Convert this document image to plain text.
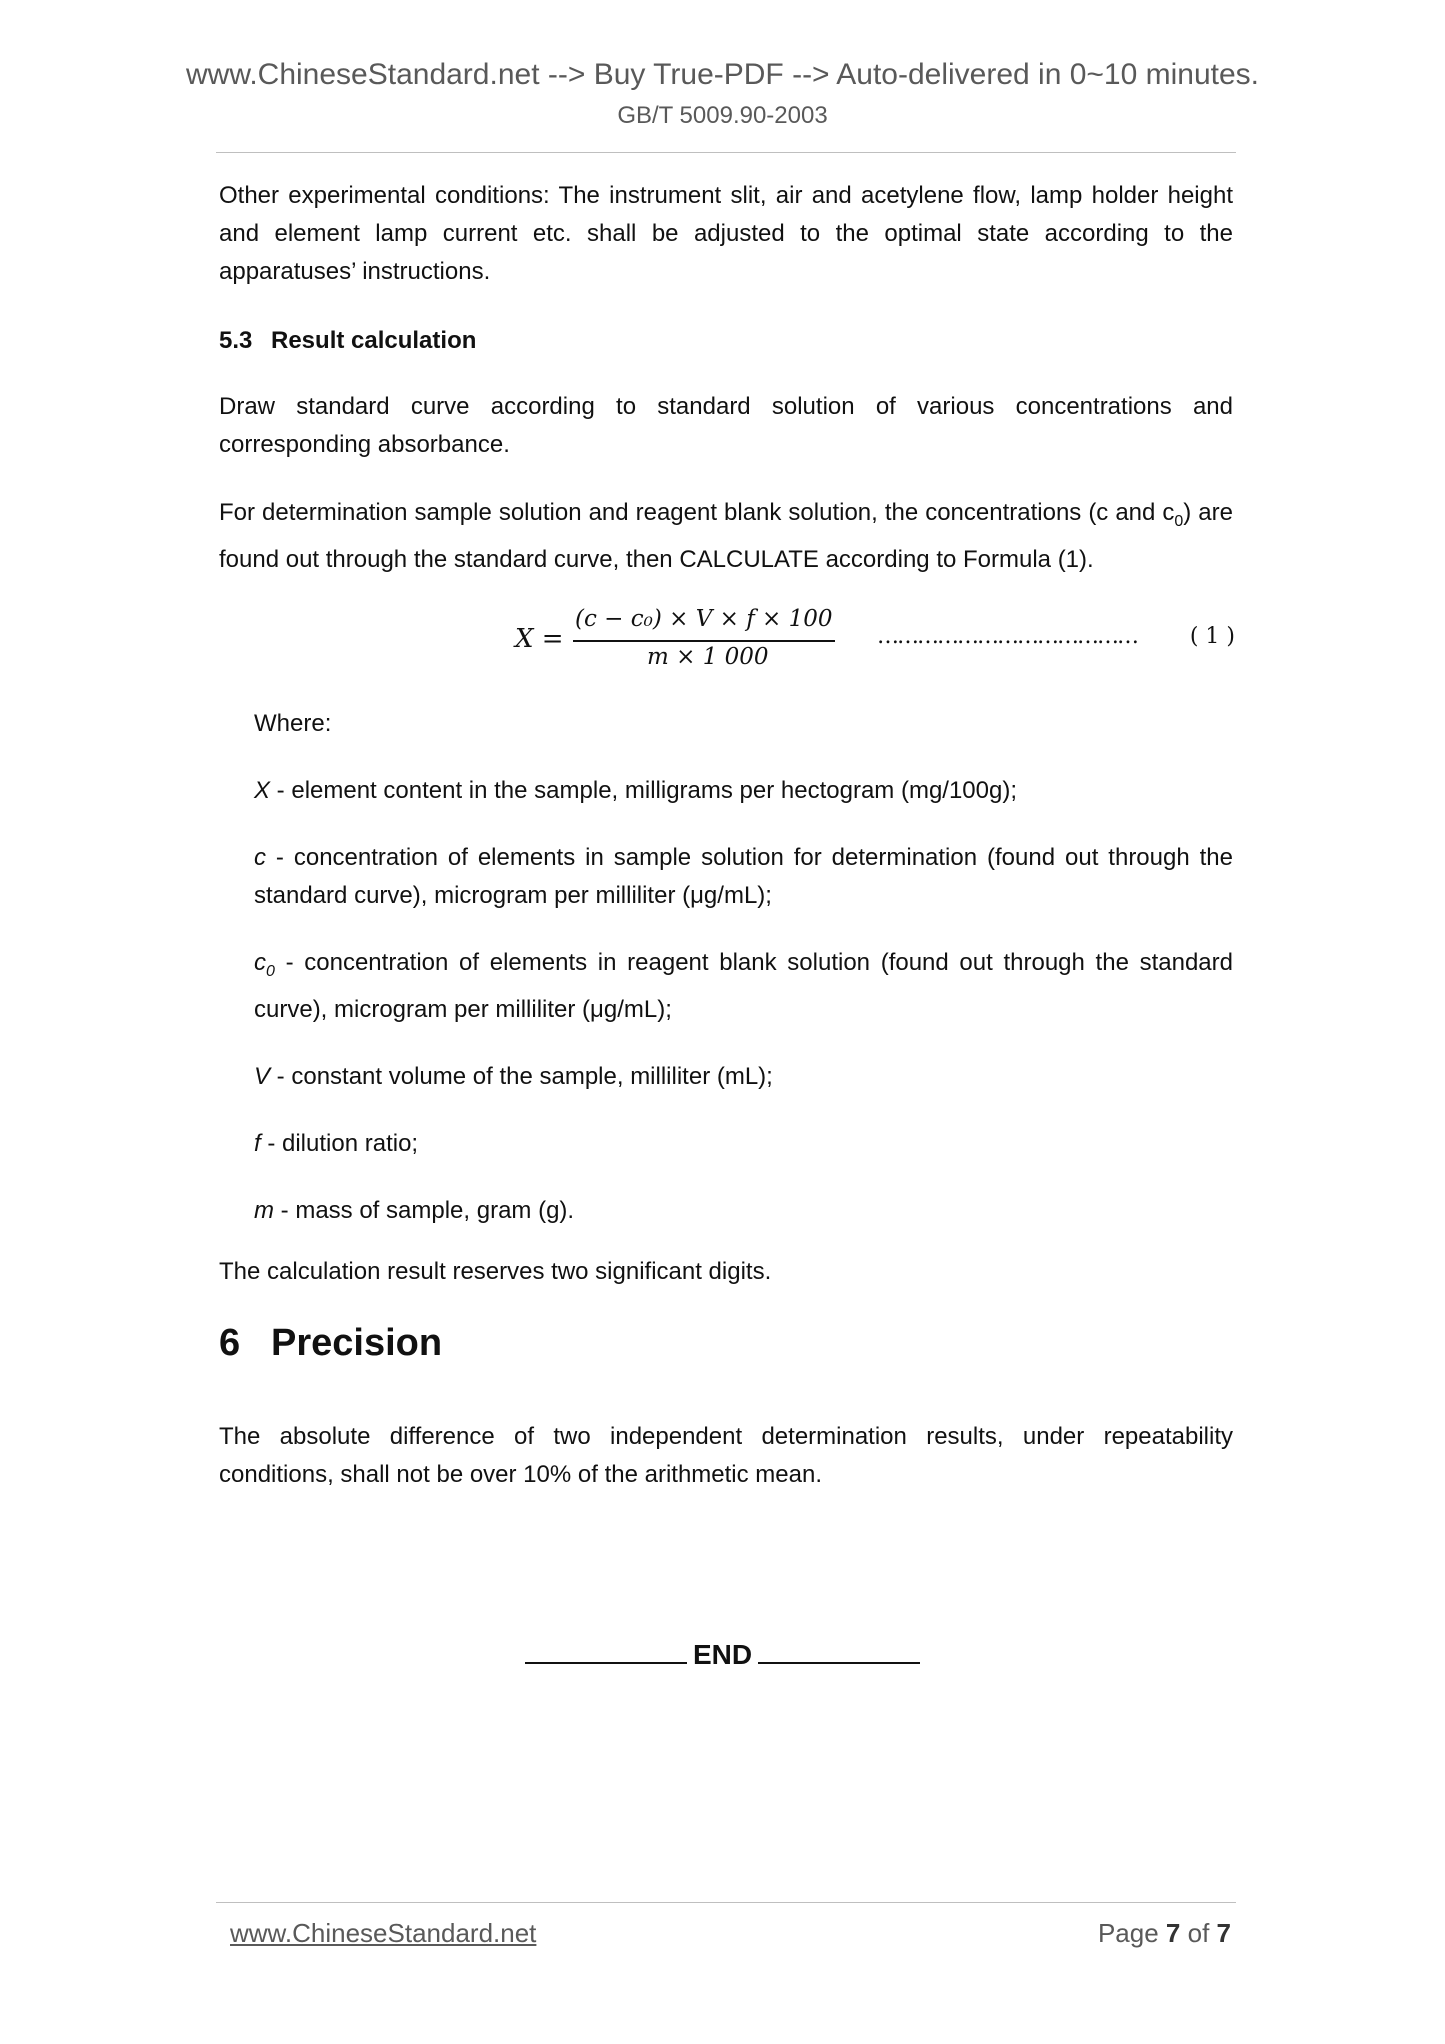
www.ChineseStandard.net --> Buy True-PDF --> Auto-delivered in 0~10 minutes.
GB/T 5009.90-2003

Other experimental conditions: The instrument slit, air and acetylene flow, lamp holder height and element lamp current etc. shall be adjusted to the optimal state according to the apparatuses’ instructions.

5.3 Result calculation

Draw standard curve according to standard solution of various concentrations and corresponding absorbance.

For determination sample solution and reagent blank solution, the concentrations (c and $c_0$) are found out through the standard curve, then CALCULATE according to Formula (1).

X =
(c − c₀) × V × f × 100
m × 1 000
………………………………… ( 1 )

Where:

X - element content in the sample, milligrams per hectogram (mg/100g);

c - concentration of elements in sample solution for determination (found out through the standard curve), microgram per milliliter (μg/mL);

$c_0$ - concentration of elements in reagent blank solution (found out through the standard curve), microgram per milliliter (μg/mL);

V - constant volume of the sample, milliliter (mL);

f - dilution ratio;

m - mass of sample, gram (g).

The calculation result reserves two significant digits.

6 Precision

The absolute difference of two independent determination results, under repeatability conditions, shall not be over 10% of the arithmetic mean.

END
www.ChineseStandard.net	Page 7 of 7
